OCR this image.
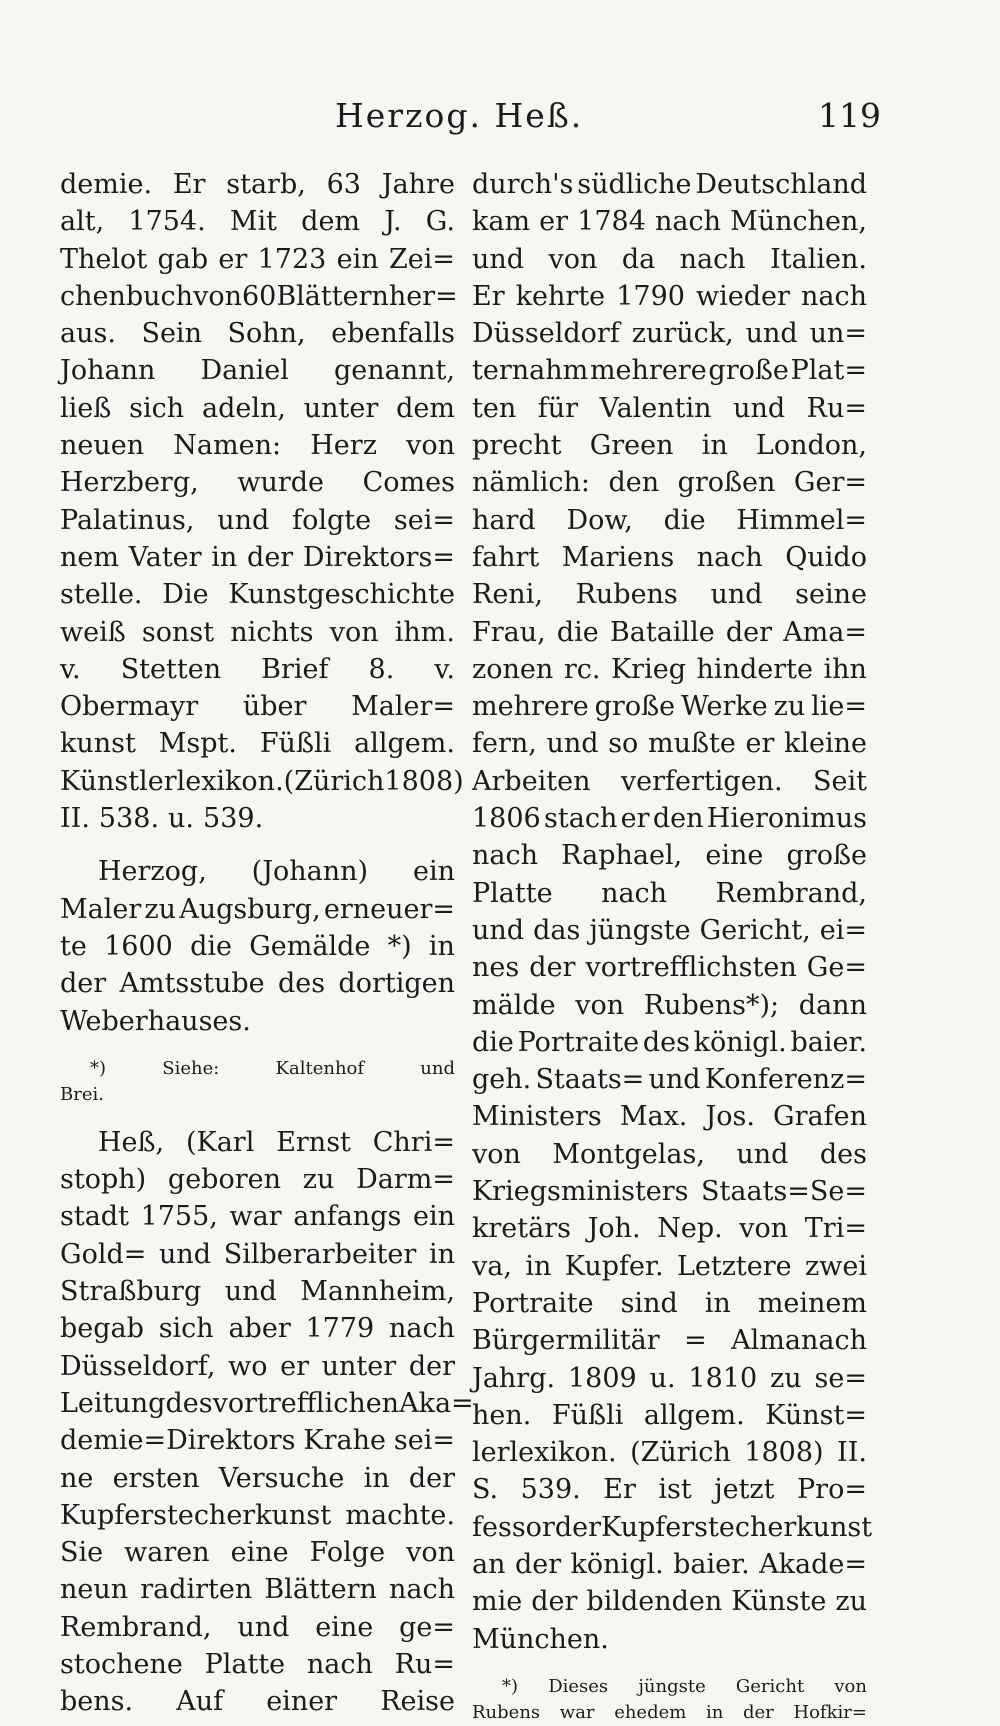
Herzog. Heß.	119
demie. Er starb, 63 Jahre
alt, 1754. Mit dem J. G.
Thelot gab er 1723 ein Zei=
chenbuch von 60 Blättern her=
aus. Sein Sohn, ebenfalls
Johann Daniel genannt,
ließ sich adeln, unter dem
neuen Namen: Herz von
Herzberg, wurde Comes
Palatinus, und folgte sei=
nem Vater in der Direktors=
stelle. Die Kunstgeschichte
weiß sonst nichts von ihm.
v. Stetten Brief 8. v.
Obermayr über Maler=
kunst Mspt. Füßli allgem.
Künstlerlexikon. (Zürich 1808)
II. 538. u. 539.
Herzog, (Johann) ein
Maler zu Augsburg, erneuer=
te 1600 die Gemälde *) in
der Amtsstube des dortigen
Weberhauses.
*)	Siehe:	Kaltenhof	und
Brei.
Heß, (Karl Ernst Chri=
stoph) geboren zu Darm=
stadt 1755, war anfangs ein
Gold= und Silberarbeiter in
Straßburg und Mannheim,
begab sich aber 1779 nach
Düsseldorf, wo er unter der
Leitung des vortrefflichen Aka=
demie=Direktors Krahe sei=
ne ersten Versuche in der
Kupferstecherkunst machte.
Sie waren eine Folge von
neun radirten Blättern nach
Rembrand, und eine ge=
stochene Platte nach Ru=
bens. Auf einer Reise
durch's südliche Deutschland
kam er 1784 nach München,
und von da nach Italien.
Er kehrte 1790 wieder nach
Düsseldorf zurück, und un=
ternahm mehrere große Plat=
ten für Valentin und Ru=
precht Green in London,
nämlich: den großen Ger=
hard Dow, die Himmel=
fahrt Mariens nach Quido
Reni, Rubens und seine
Frau, die Bataille der Ama=
zonen rc. Krieg hinderte ihn
mehrere große Werke zu lie=
fern, und so mußte er kleine
Arbeiten verfertigen. Seit
1806 stach er den Hieronimus
nach Raphael, eine große
Platte nach Rembrand,
und das jüngste Gericht, ei=
nes der vortrefflichsten Ge=
mälde von Rubens*); dann
die Portraite des königl. baier.
geh. Staats= und Konferenz=
Ministers Max. Jos. Grafen
von Montgelas, und des
Kriegsministers Staats=Se=
kretärs Joh. Nep. von Tri=
va, in Kupfer. Letztere zwei
Portraite sind in meinem
Bürgermilitär = Almanach
Jahrg. 1809 u. 1810 zu se=
hen. Füßli allgem. Künst=
lerlexikon. (Zürich 1808) II.
S. 539. Er ist jetzt Pro=
fessor der Kupferstecherkunst
an der königl. baier. Akade=
mie der bildenden Künste zu
München.
*) Dieses jüngste Gericht von
Rubens war ehedem in der Hofkir=
